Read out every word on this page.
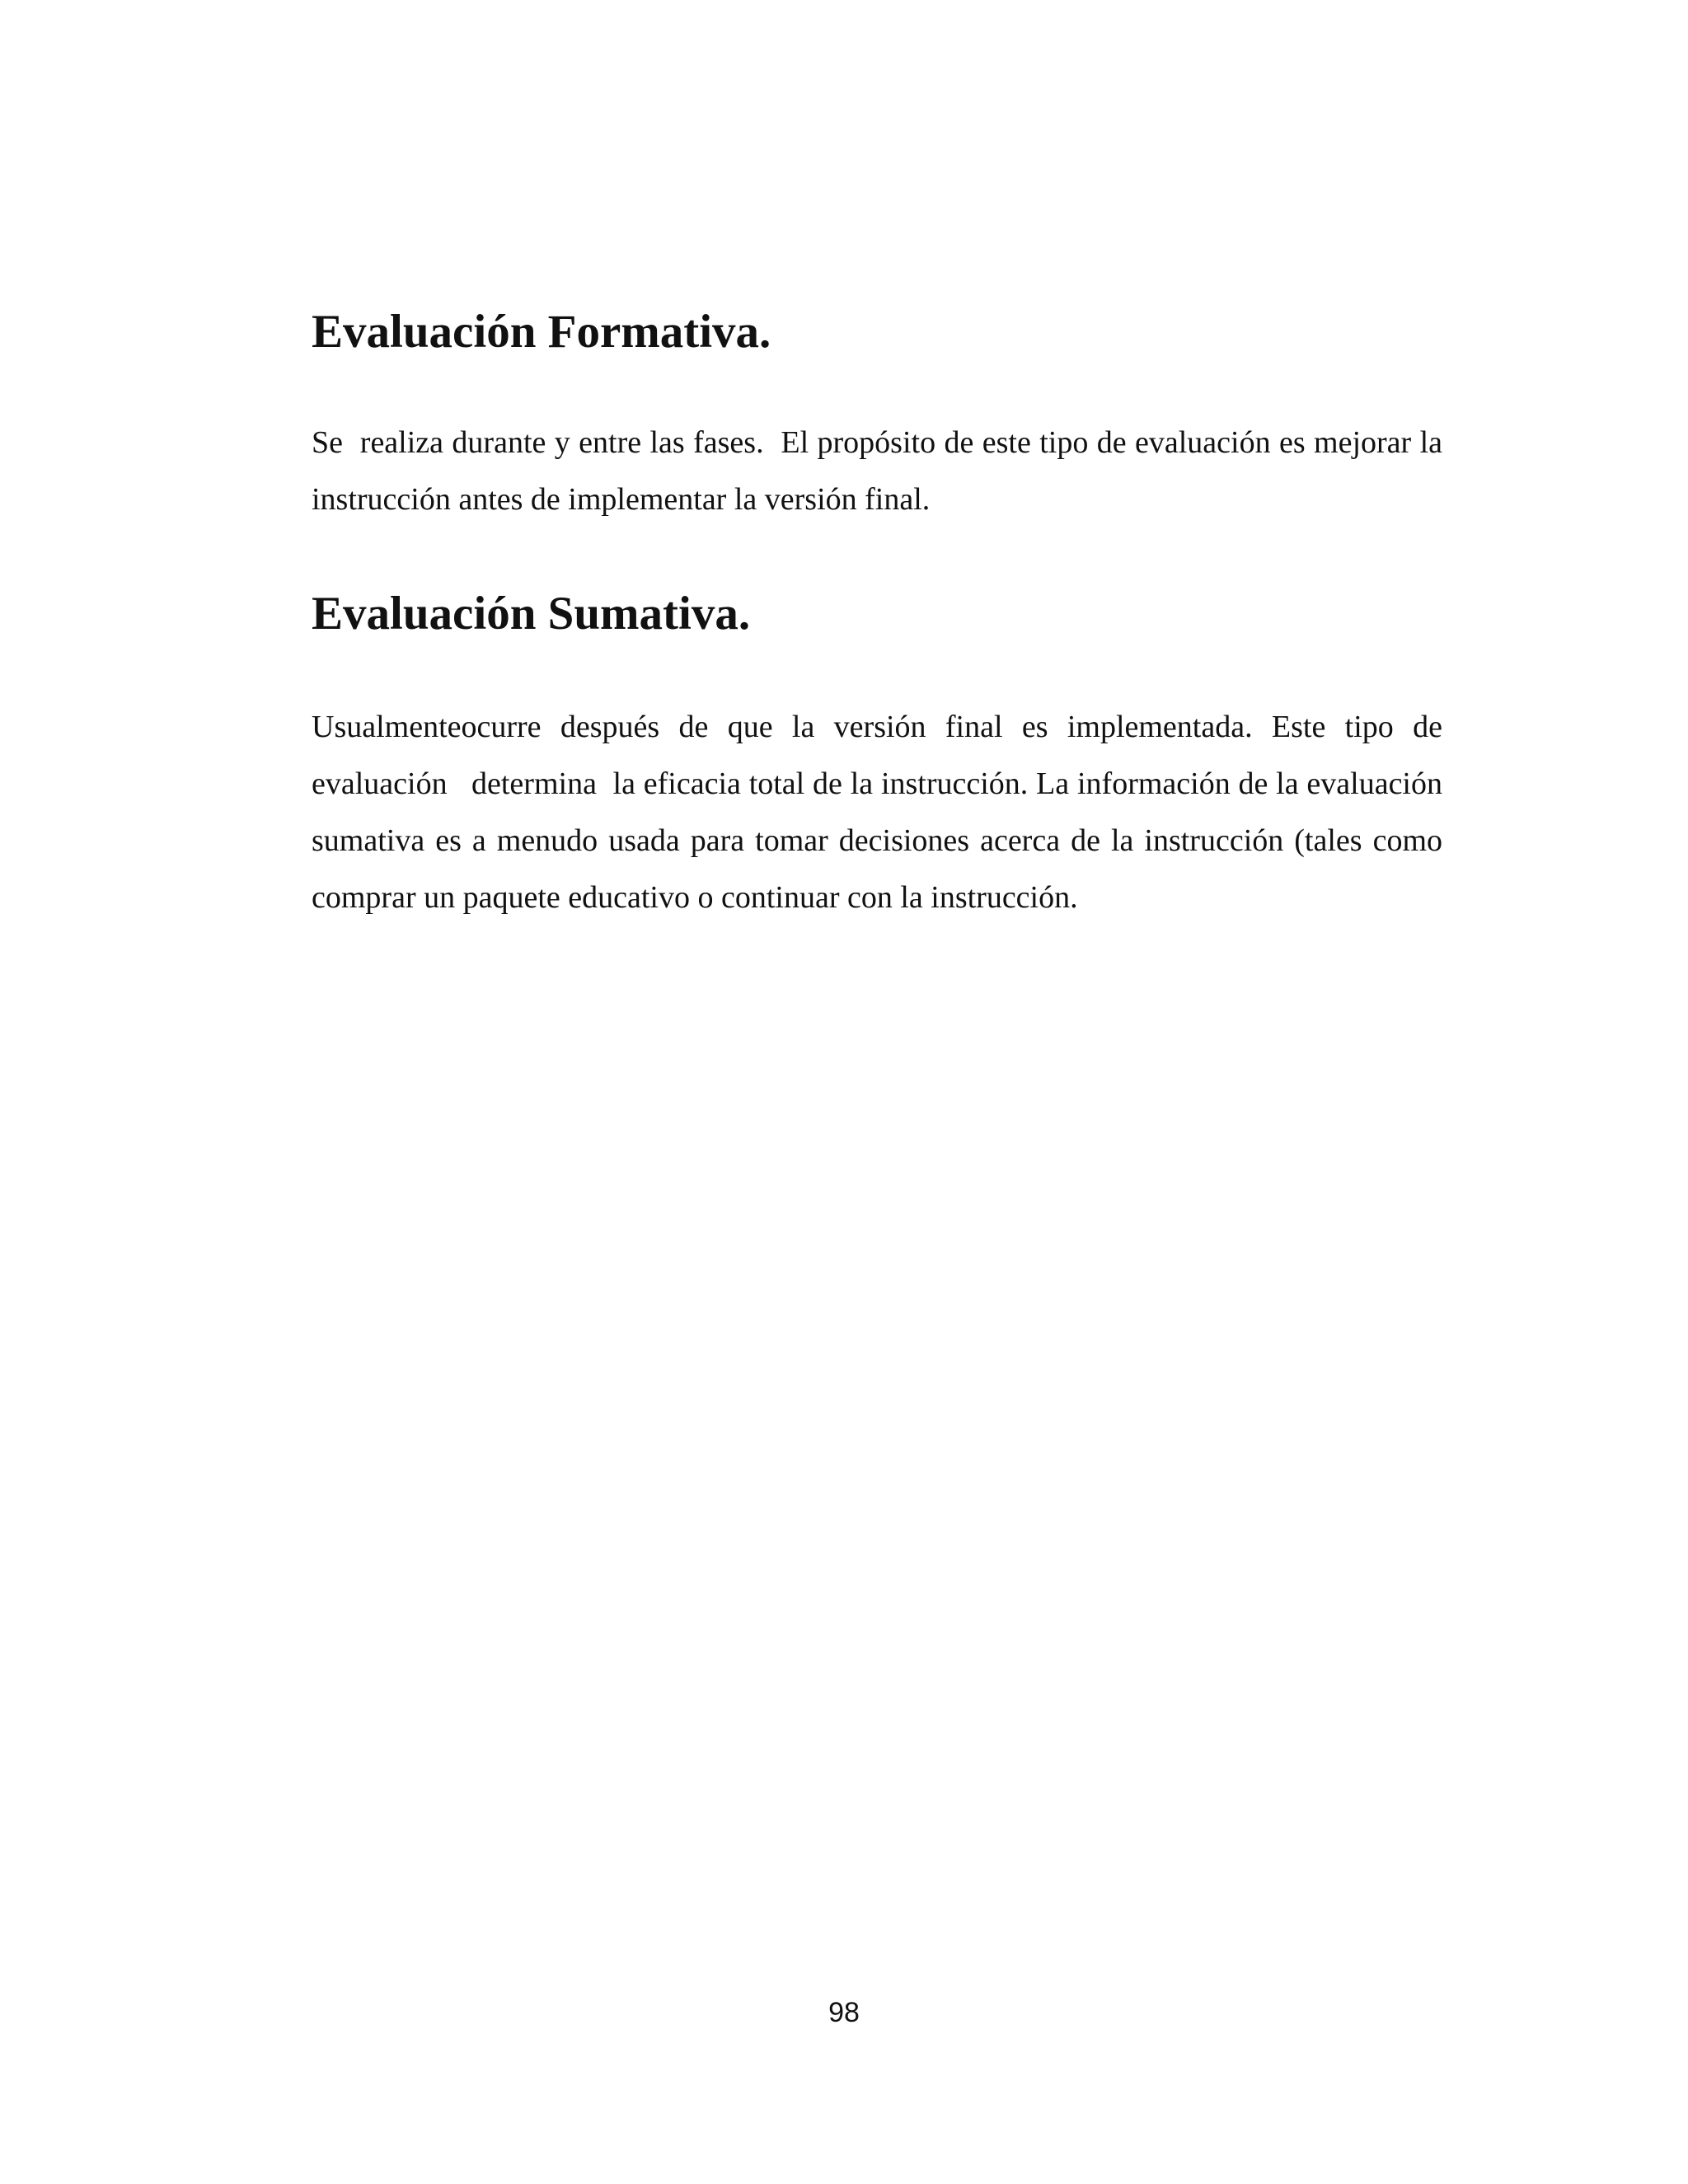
Evaluación Formativa.

Se  realiza durante y entre las fases.  El propósito de este tipo de evaluación es mejorar la instrucción antes de implementar la versión final.

Evaluación Sumativa.

Usualmenteocurre después de que la versión final es implementada. Este tipo de evaluación   determina  la eficacia total de la instrucción. La información de la evaluación   sumativa es a menudo usada para tomar decisiones acerca de la instrucción (tales como comprar un paquete educativo o continuar con la instrucción.

98
